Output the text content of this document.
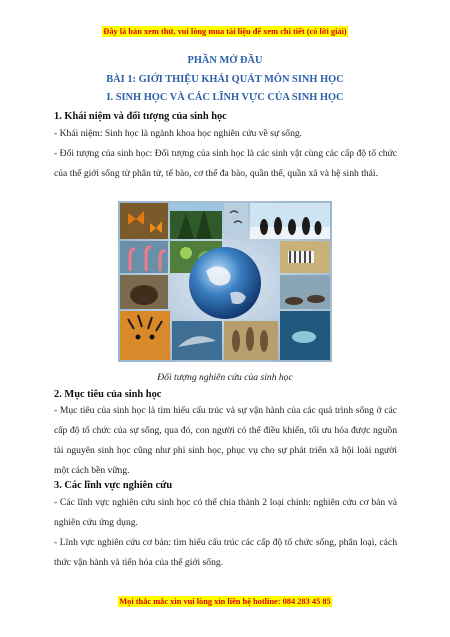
Đây là bản xem thử, vui lòng mua tài liệu để xem chi tiết (có lời giải)
PHẦN MỞ ĐẦU
BÀI 1: GIỚI THIỆU KHÁI QUÁT MÔN SINH HỌC
I. SINH HỌC VÀ CÁC LĨNH VỰC CỦA SINH HỌC
1. Khái niệm và đối tượng của sinh học
- Khái niệm: Sinh học là ngành khoa học nghiên cứu về sự sống.
- Đối tượng của sinh học: Đối tượng của sinh học là các sinh vật cùng các cấp độ tổ chức của thế giới sống từ phân tử, tế bào, cơ thể đa bào, quần thể, quần xã và hệ sinh thái.
Đối tượng nghiên cứu của sinh học
2. Mục tiêu của sinh học
- Mục tiêu của sinh học là tìm hiểu cấu trúc và sự vận hành của các quá trình sống ở các cấp độ tổ chức của sự sống, qua đó, con người có thể điều khiển, tối ưu hóa được nguồn tài nguyên sinh học cũng như phi sinh học, phục vụ cho sự phát triển xã hội loài người một cách bền vững.
3. Các lĩnh vực nghiên cứu
- Các lĩnh vực nghiên cứu sinh học có thể chia thành 2 loại chính: nghiên cứu cơ bản và nghiên cứu ứng dụng.
- Lĩnh vực nghiên cứu cơ bản: tìm hiểu cấu trúc các cấp độ tổ chức sống, phân loại, cách thức vận hành và tiến hóa của thế giới sống.
Mọi thắc mắc xin vui lòng xin liên hệ hotline: 084 283 45 85
